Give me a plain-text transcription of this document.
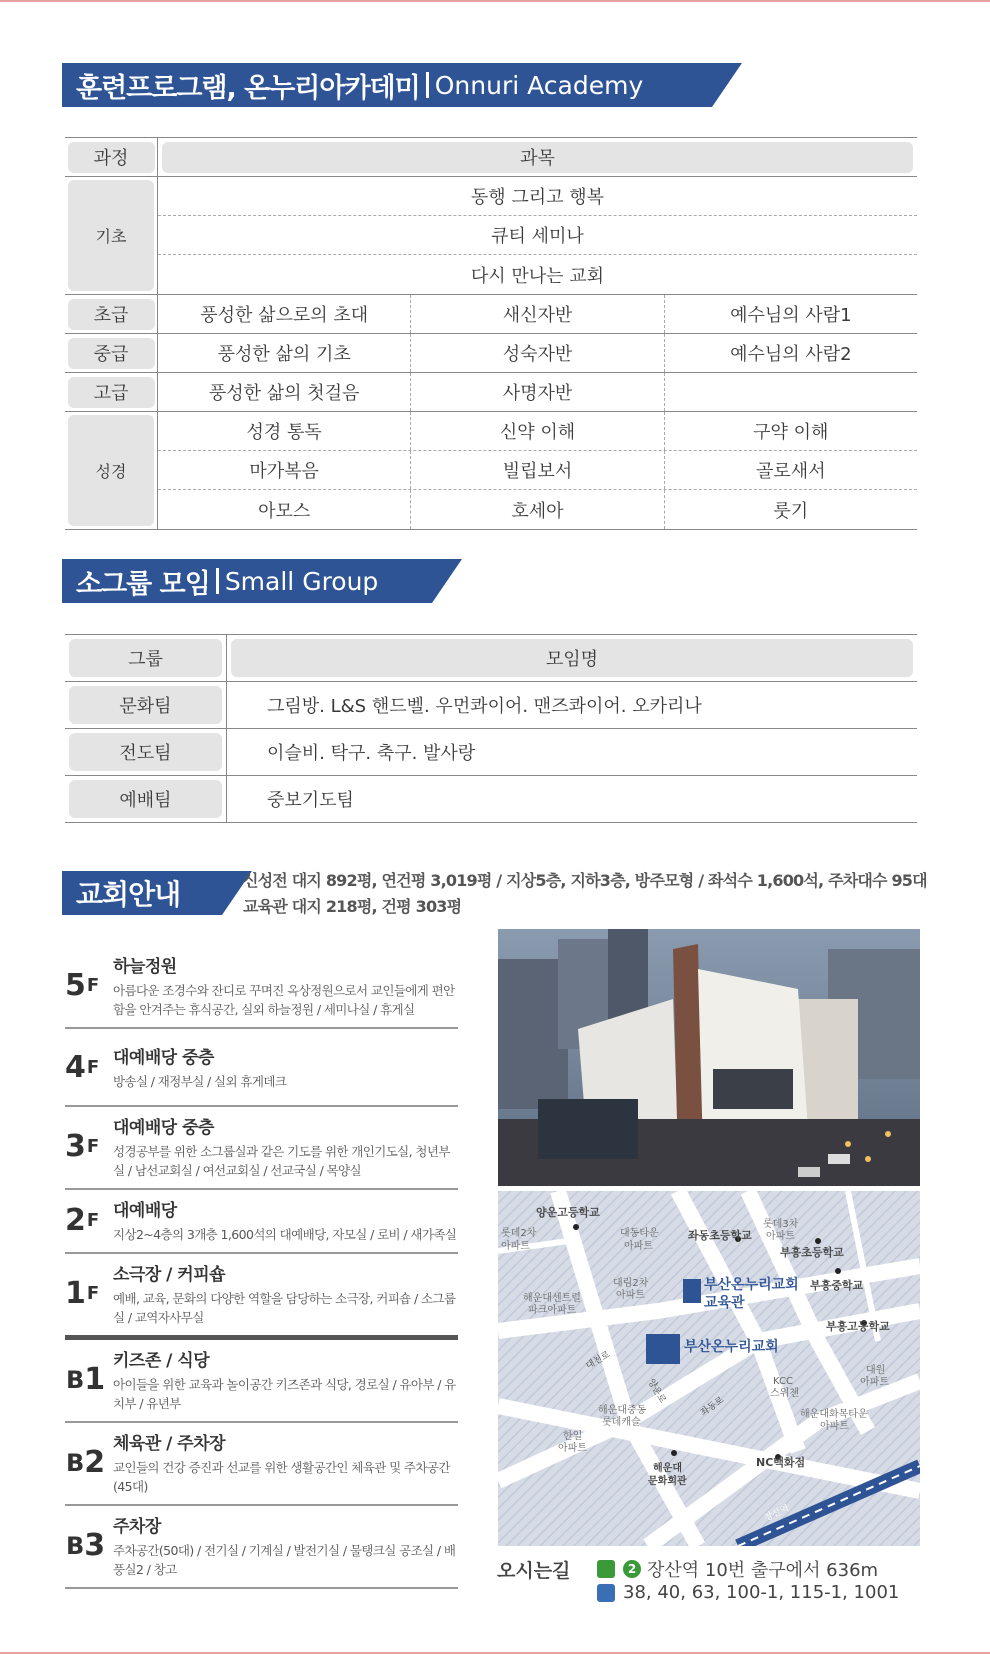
훈련프로그램, 온누리아카데미 Onnuri Academy
과정	과목
기초
동행 그리고 행복
큐티 세미나
다시 만나는 교회
초급	풍성한 삶으로의 초대	새신자반	예수님의 사람1
중급	풍성한 삶의 기초	성숙자반	예수님의 사람2
고급	풍성한 삶의 첫걸음	사명자반
성경
성경 통독	신약 이해	구약 이해
마가복음	빌립보서	골로새서
아모스	호세아	룻기
소그룹 모임 Small Group
그룹	모임명
문화팀	그림방. L&S 핸드벨. 우먼콰이어. 맨즈콰이어. 오카리나
전도팀	이슬비. 탁구. 축구. 발사랑
예배팀	중보기도팀
교회안내	신성전 대지 892평, 연건평 3,019평 / 지상5층, 지하3층, 방주모형 / 좌석수 1,600석, 주차대수 95대
교육관 대지 218평, 건평 303평
5 F
하늘정원
아름다운 조경수와 잔디로 꾸며진 옥상정원으로서 교인들에게 편안함을 안겨주는 휴식공간, 실외 하늘정원 / 세미나실 / 휴게실
4 F 대예배당 중층
방송실 / 재정부실 / 실외 휴게데크
3 F
대예배당 중층
성경공부를 위한 소그룹실과 같은 기도를 위한 개인기도실, 청년부실 / 남선교회실 / 여선교회실 / 선교국실 / 목양실
2 F 대예배당
지상2~4층의 3개층 1,600석의 대예배당, 자모실 / 로비 / 새가족실
1 F
소극장 / 커피숍
예배, 교육, 문화의 다양한 역할을 담당하는 소극장, 커피숍 / 소그룹실 / 교역자사무실
B 1
키즈존 / 식당
아이들을 위한 교육과 놀이공간 키즈존과 식당, 경로실 / 유아부 / 유치부 / 유년부
B 2
체육관 / 주차장
교인들의 건강 증진과 선교를 위한 생활공간인 체육관 및 주차공간(45대)
B 3
주차장
주차공간(50대) / 전기실 / 기계실 / 발전기실 / 물탱크실 공조실 / 배풍실2 / 창고
양운고등학교
좌동초등학교
부흥초등학교
부흥중학교
부흥고등학교
NC백화점
롯데2차
아파트
대동타운
아파트
롯데3차
아파트
대림2차
아파트
해운대센트럴
파크아파트
대원
아파트
KCC
스위첸
해운대중동
롯데캐슬
한일
아파트
해운대화목타운
아파트
해운대
문화회관
부산온누리교회
교육관
부산온누리교회
대천로
양운로
좌동로
장산역
오시는길	2 장산역 10번 출구에서 636m
38, 40, 63, 100-1, 115-1, 1001
